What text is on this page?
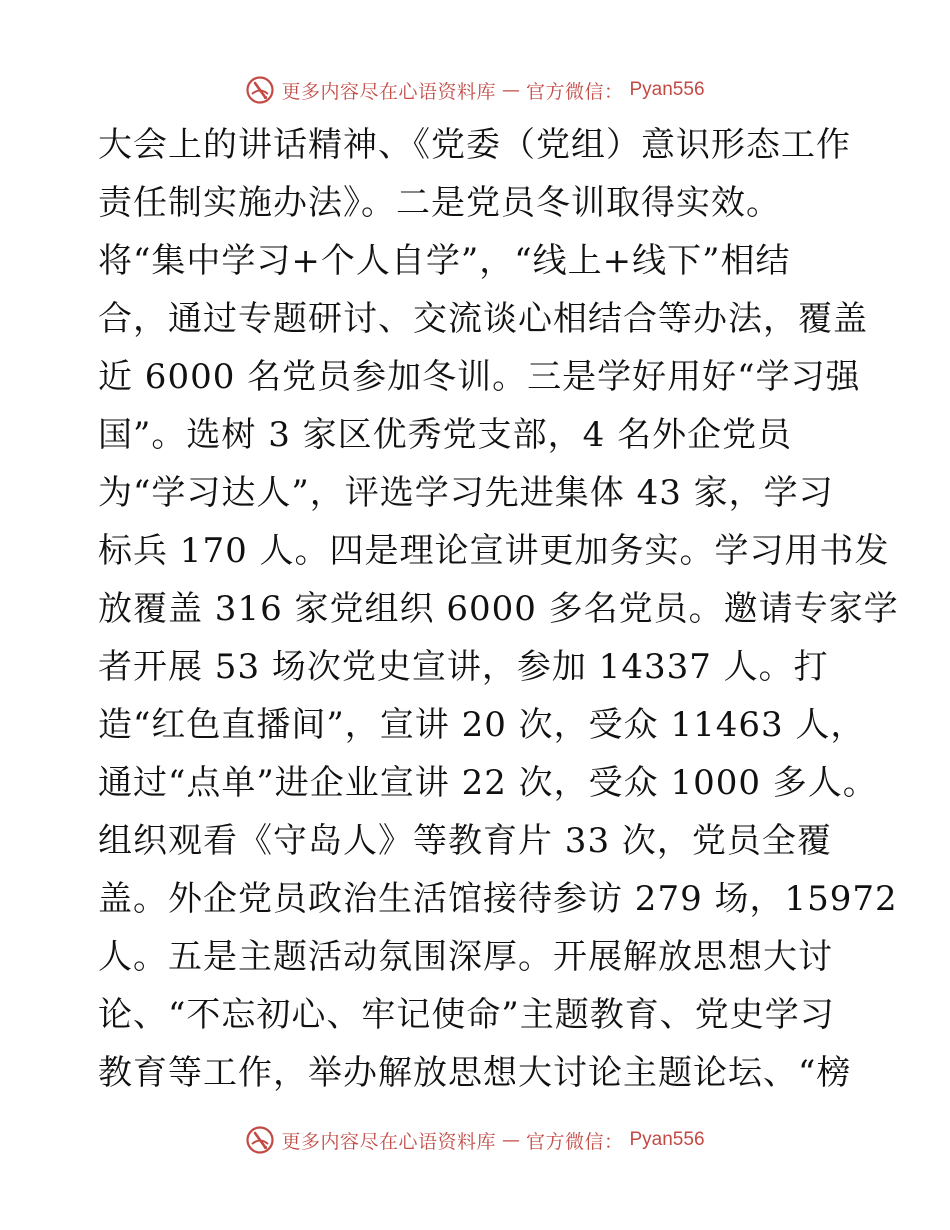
更多内容尽在心语资料库 — 官方微信： Pyan556
大会上的讲话精神、《党委（党组）意识形态工作
责任制实施办法》。二是党员冬训取得实效。
将“集中学习+个人自学”，“线上+线下”相结
合，通过专题研讨、交流谈心相结合等办法，覆盖
近 6000 名党员参加冬训。三是学好用好“学习强
国”。选树 3 家区优秀党支部，4 名外企党员
为“学习达人”，评选学习先进集体 43 家，学习
标兵 170 人。四是理论宣讲更加务实。学习用书发
放覆盖 316 家党组织 6000 多名党员。邀请专家学
者开展 53 场次党史宣讲，参加 14337 人。打
造“红色直播间”，宣讲 20 次，受众 11463 人，
通过“点单”进企业宣讲 22 次，受众 1000 多人。
组织观看《守岛人》等教育片 33 次，党员全覆
盖。外企党员政治生活馆接待参访 279 场，15972
人。五是主题活动氛围深厚。开展解放思想大讨
论、“不忘初心、牢记使命”主题教育、党史学习
教育等工作，举办解放思想大讨论主题论坛、“榜
更多内容尽在心语资料库 — 官方微信： Pyan556
